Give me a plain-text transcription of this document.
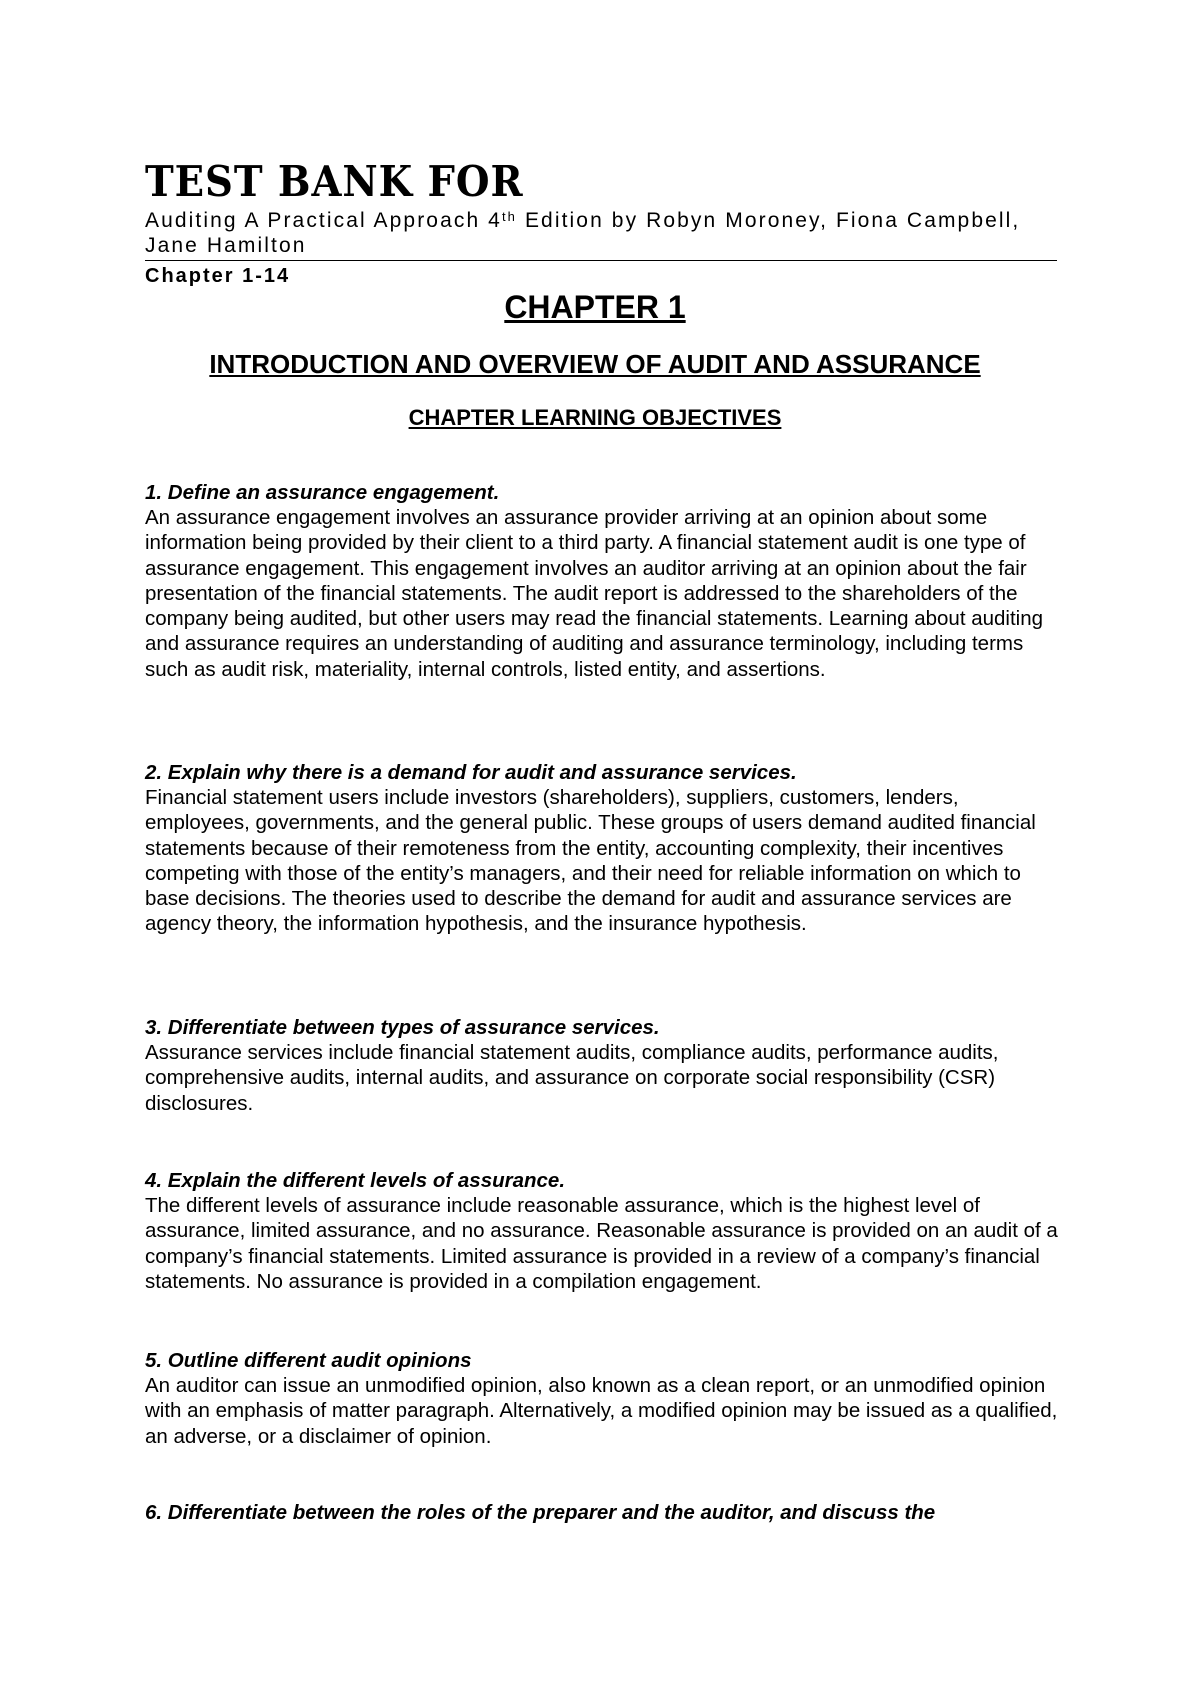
TEST BANK FOR
Auditing A Practical Approach 4th Edition by Robyn Moroney, Fiona Campbell, Jane Hamilton
Chapter 1-14
CHAPTER 1
INTRODUCTION AND OVERVIEW OF AUDIT AND ASSURANCE
CHAPTER LEARNING OBJECTIVES
1. Define an assurance engagement.

An assurance engagement involves an assurance provider arriving at an opinion about some information being provided by their client to a third party. A financial statement audit is one type of assurance engagement. This engagement involves an auditor arriving at an opinion about the fair presentation of the financial statements. The audit report is addressed to the shareholders of the company being audited, but other users may read the financial statements. Learning about auditing and assurance requires an understanding of auditing and assurance terminology, including terms such as audit risk, materiality, internal controls, listed entity, and assertions.

2. Explain why there is a demand for audit and assurance services.

Financial statement users include investors (shareholders), suppliers, customers, lenders, employees, governments, and the general public. These groups of users demand audited financial statements because of their remoteness from the entity, accounting complexity, their incentives competing with those of the entity’s managers, and their need for reliable information on which to base decisions. The theories used to describe the demand for audit and assurance services are agency theory, the information hypothesis, and the insurance hypothesis.

3. Differentiate between types of assurance services.

Assurance services include financial statement audits, compliance audits, performance audits, comprehensive audits, internal audits, and assurance on corporate social responsibility (CSR) disclosures.

4. Explain the different levels of assurance.

The different levels of assurance include reasonable assurance, which is the highest level of assurance, limited assurance, and no assurance. Reasonable assurance is provided on an audit of a company’s financial statements. Limited assurance is provided in a review of a company’s financial statements. No assurance is provided in a compilation engagement.

5. Outline different audit opinions

An auditor can issue an unmodified opinion, also known as a clean report, or an unmodified opinion with an emphasis of matter paragraph. Alternatively, a modified opinion may be issued as a qualified, an adverse, or a disclaimer of opinion.

6. Differentiate between the roles of the preparer and the auditor, and discuss the
